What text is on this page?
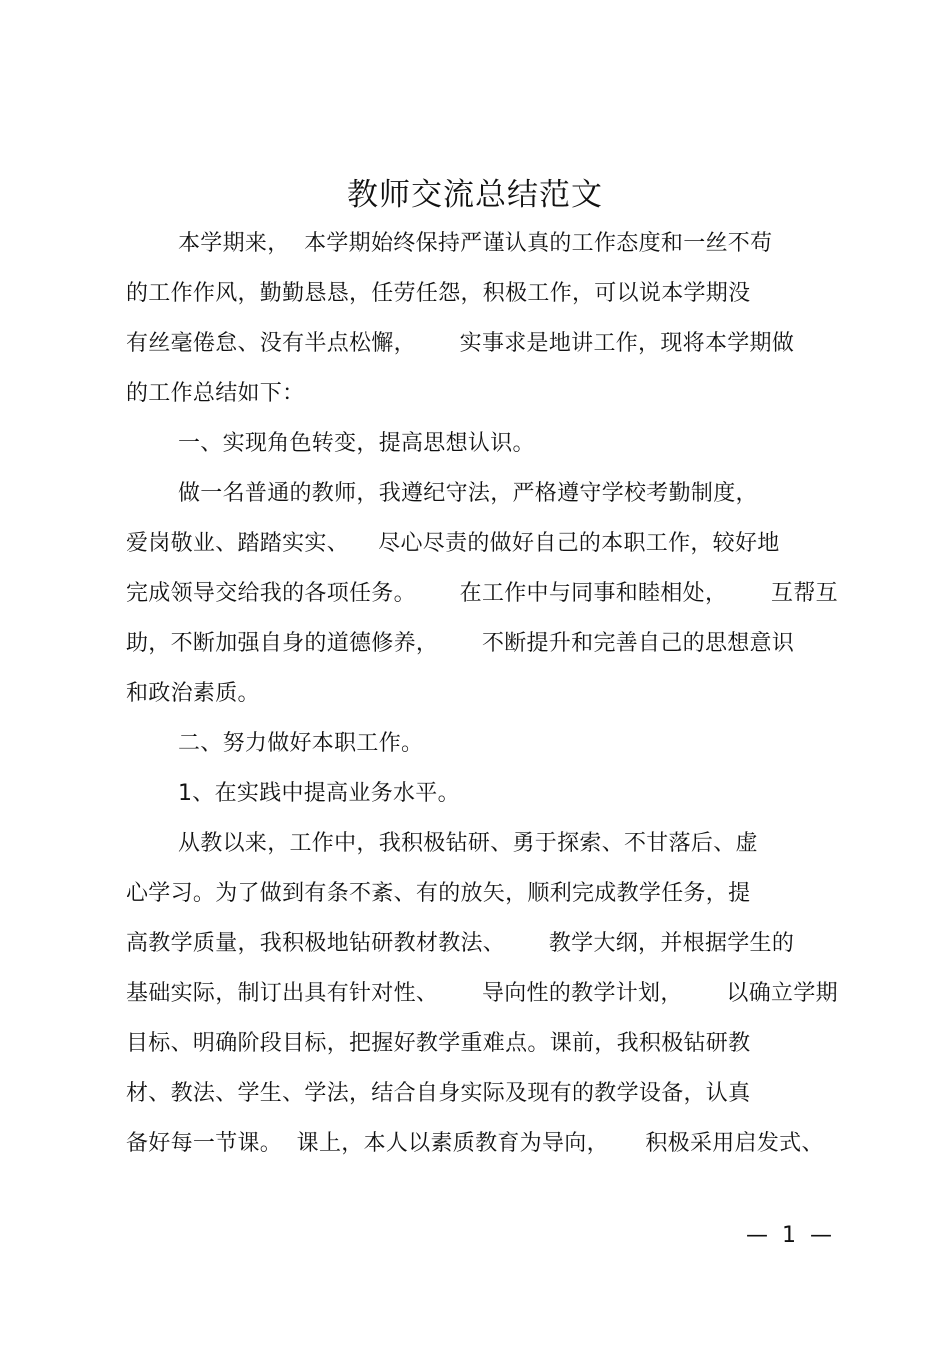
教师交流总结范文
本学期来，  本学期始终保持严谨认真的工作态度和一丝不苟
的工作作风，勤勤恳恳，任劳任怨，积极工作，可以说本学期没
有丝毫倦怠、没有半点松懈，      实事求是地讲工作，现将本学期做
的工作总结如下：
一、实现角色转变，提高思想认识。
做一名普通的教师，我遵纪守法，严格遵守学校考勤制度，
爱岗敬业、踏踏实实、    尽心尽责的做好自己的本职工作，较好地
完成领导交给我的各项任务。      在工作中与同事和睦相处，      互帮互
助，不断加强自身的道德修养，      不断提升和完善自己的思想意识
和政治素质。
二、努力做好本职工作。
1、在实践中提高业务水平。
从教以来，工作中，我积极钻研、勇于探索、不甘落后、虚
心学习。为了做到有条不紊、有的放矢，顺利完成教学任务，提
高教学质量，我积极地钻研教材教法、      教学大纲，并根据学生的
基础实际，制订出具有针对性、      导向性的教学计划，      以确立学期
目标、明确阶段目标，把握好教学重难点。课前，我积极钻研教
材、教法、学生、学法，结合自身实际及现有的教学设备，认真
备好每一节课。  课上，本人以素质教育为导向，     积极采用启发式、
—  1  —
